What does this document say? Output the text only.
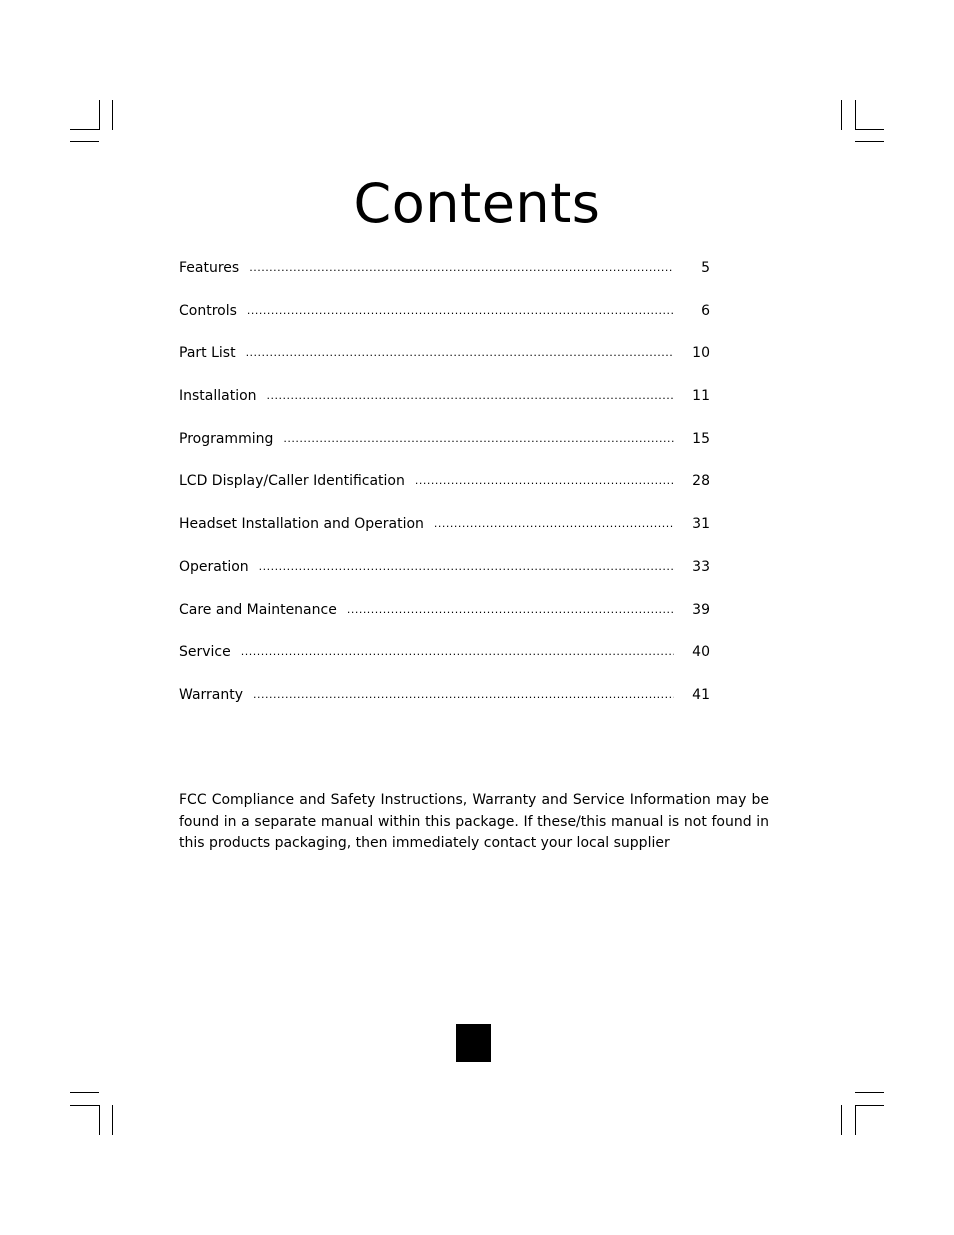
Contents
Features .....	5
Controls .....	6
Part List .....	10
Installation .....	11
Programming .....	15
LCD Display/Caller Identification .....	28
Headset Installation and Operation .....	31
Operation .....	33
Care and Maintenance .....	39
Service .....	40
Warranty .....	41

FCC Compliance and Safety Instructions, Warranty and Service Information may be found in a separate manual within this package. If these/this manual is not found in this products packaging, then immediately contact your local supplier
